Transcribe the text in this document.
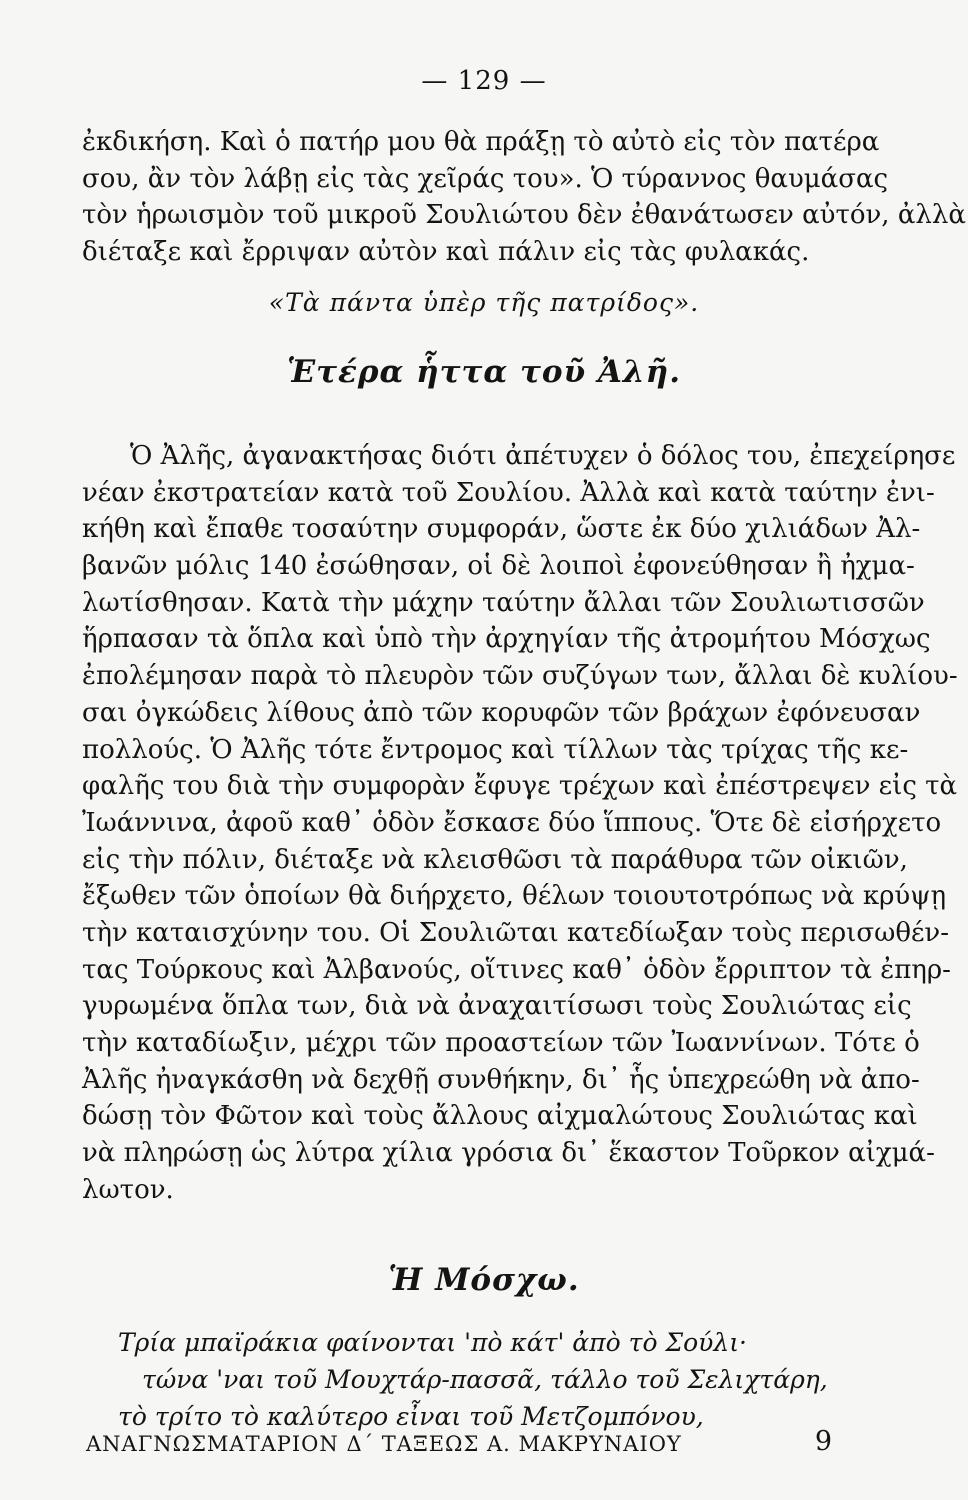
— 129 —
ἐκδικήση. Καὶ ὁ πατήρ μου θὰ πράξῃ τὸ αὐτὸ εἰς τὸν πατέρα
σου, ἂν τὸν λάβῃ εἰς τὰς χεῖράς του». Ὁ τύραννος θαυμάσας
τὸν ἡρωισμὸν τοῦ μικροῦ Σουλιώτου δὲν ἐθανάτωσεν αὐτόν, ἀλλὰ
διέταξε καὶ ἔρριψαν αὐτὸν καὶ πάλιν εἰς τὰς φυλακάς.
«Τὰ πάντα ὑπὲρ τῆς πατρίδος».
Ἑτέρα ἧττα τοῦ Ἀλῆ.
Ὁ Ἀλῆς, ἀγανακτήσας διότι ἀπέτυχεν ὁ δόλος του, ἐπεχείρησε
νέαν ἐκστρατείαν κατὰ τοῦ Σουλίου. Ἀλλὰ καὶ κατὰ ταύτην ἐνι-
κήθη καὶ ἔπαθε τοσαύτην συμφοράν, ὥστε ἐκ δύο χιλιάδων Ἀλ-
βανῶν μόλις 140 ἐσώθησαν, οἱ δὲ λοιποὶ ἐφονεύθησαν ἢ ἠχμα-
λωτίσθησαν. Κατὰ τὴν μάχην ταύτην ἄλλαι τῶν Σουλιωτισσῶν
ἥρπασαν τὰ ὅπλα καὶ ὑπὸ τὴν ἀρχηγίαν τῆς ἀτρομήτου Μόσχως
ἐπολέμησαν παρὰ τὸ πλευρὸν τῶν συζύγων των, ἄλλαι δὲ κυλίου-
σαι ὀγκώδεις λίθους ἀπὸ τῶν κορυφῶν τῶν βράχων ἐφόνευσαν
πολλούς. Ὁ Ἀλῆς τότε ἔντρομος καὶ τίλλων τὰς τρίχας τῆς κε-
φαλῆς του διὰ τὴν συμφορὰν ἔφυγε τρέχων καὶ ἐπέστρεψεν εἰς τὰ
Ἰωάννινα, ἀφοῦ καθ᾽ ὁδὸν ἔσκασε δύο ἵππους. Ὅτε δὲ εἰσήρχετο
εἰς τὴν πόλιν, διέταξε νὰ κλεισθῶσι τὰ παράθυρα τῶν οἰκιῶν,
ἔξωθεν τῶν ὁποίων θὰ διήρχετο, θέλων τοιουτοτρόπως νὰ κρύψῃ
τὴν καταισχύνην του. Οἱ Σουλιῶται κατεδίωξαν τοὺς περισωθέν-
τας Τούρκους καὶ Ἀλβανούς, οἵτινες καθ᾽ ὁδὸν ἔρριπτον τὰ ἐπηρ-
γυρωμένα ὅπλα των, διὰ νὰ ἀναχαιτίσωσι τοὺς Σουλιώτας εἰς
τὴν καταδίωξιν, μέχρι τῶν προαστείων τῶν Ἰωαννίνων. Τότε ὁ
Ἀλῆς ἠναγκάσθη νὰ δεχθῇ συνθήκην, δι᾽ ἧς ὑπεχρεώθη νὰ ἀπο-
δώσῃ τὸν Φῶτον καὶ τοὺς ἄλλους αἰχμαλώτους Σουλιώτας καὶ
νὰ πληρώσῃ ὡς λύτρα χίλια γρόσια δι᾽ ἕκαστον Τοῦρκον αἰχμά-
λωτον.
Ἡ Μόσχω.
Τρία μπαϊράκια φαίνονται 'πὸ κάτ' ἀπὸ τὸ Σούλι·
τώνα 'ναι τοῦ Μουχτάρ-πασσᾶ, τάλλο τοῦ Σελιχτάρη,
τὸ τρίτο τὸ καλύτερο εἶναι τοῦ Μετζομπόνου,
ΑΝΑΓΝΩΣΜΑΤΑΡΙΟΝ Δ΄ ΤΑΞΕΩΣ Α. ΜΑΚΡΥΝΑΙΟΥ	9
